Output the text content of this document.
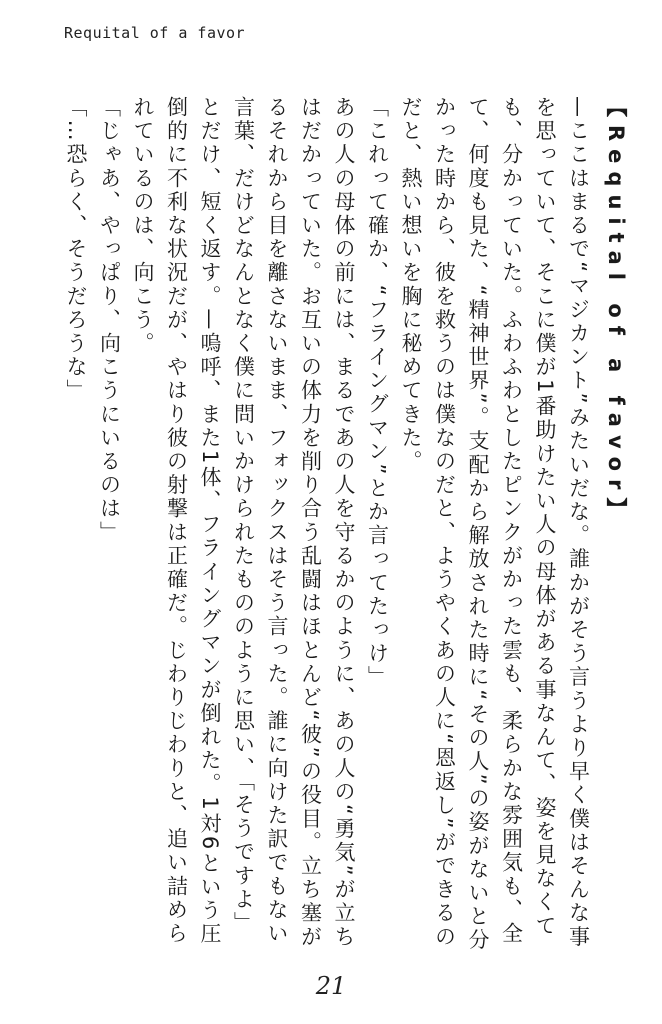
Requital of a favor

【Requital of a favor】

—ここはまるで“マジカント”みたいだな。誰かがそう言うより早く僕はそんな事を思っていて、そこに僕が1番助けたい人の母体がある事なんて、姿を見なくても、分かっていた。ふわふわとしたピンクがかった雲も、柔らかな雰囲気も、全て、何度も見た、“精神世界”。支配から解放された時に“その人”の姿がないと分かった時から、彼を救うのは僕なのだと、ようやくあの人に“恩返し”ができるのだと、熱い想いを胸に秘めてきた。

「これって確か、“フライングマン”とか言ってたっけ」

あの人の母体の前には、まるであの人を守るかのように、あの人の“勇気”が立ちはだかっていた。お互いの体力を削り合う乱闘はほとんど“彼”の役目。立ち塞がるそれから目を離さないまま、フォックスはそう言った。誰に向けた訳でもない言葉、だけどなんとなく僕に問いかけられたもののように思い、「そうですよ」とだけ、短く返す。—嗚呼、また1体、フライングマンが倒れた。1対6という圧倒的に不利な状況だが、やはり彼の射撃は正確だ。じわりじわりと、追い詰められているのは、向こう。

「じゃあ、やっぱり、向こうにいるのは」

「…恐らく、そうだろうな」

21
